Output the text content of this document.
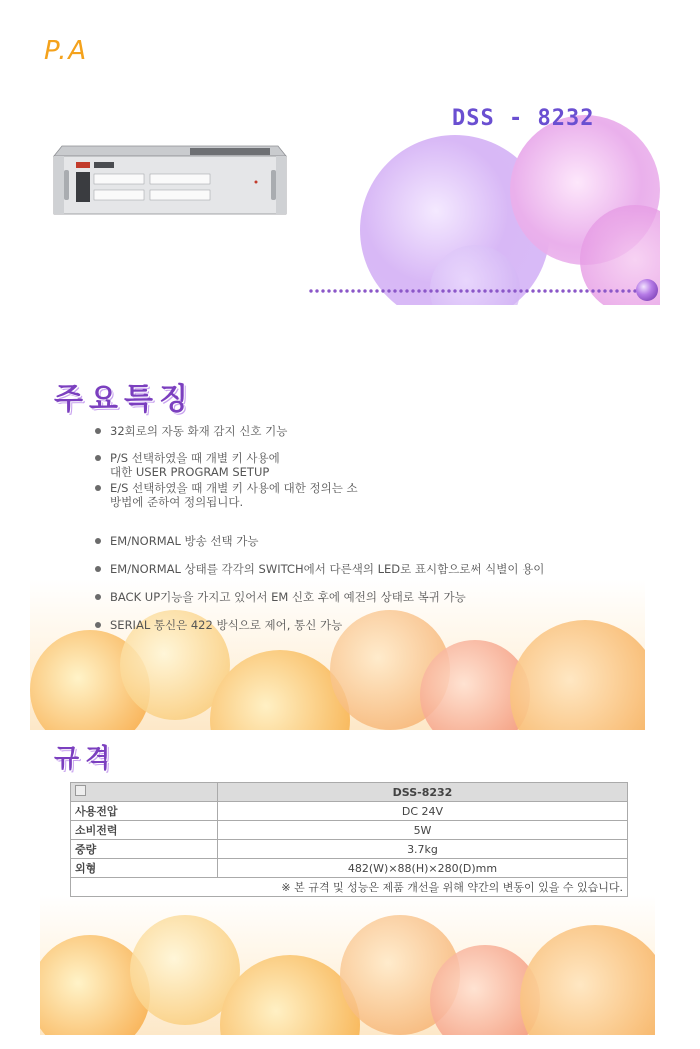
P.A
DSS - 8232
주요특징
32회로의 자동 화재 감지 신호 기능
P/S 선택하였을 때 개별 키 사용에
대한 USER PROGRAM SETUP
E/S 선택하였을 때 개별 키 사용에 대한 정의는 소
방법에 준하여 정의됩니다.
EM/NORMAL 방송 선택 가능
EM/NORMAL 상태를 각각의 SWITCH에서 다른색의 LED로 표시함으로써 식별이 용이
BACK UP기능을 가지고 있어서 EM 신호 후에 예전의 상태로 복귀 가능
SERIAL 통신은 422 방식으로 제어, 통신 가능
규격
	DSS-8232
사용전압	DC 24V
소비전력	5W
중량	3.7kg
외형	482(W)×88(H)×280(D)mm
※ 본 규격 및 성능은 제품 개선을 위해 약간의 변동이 있을 수 있습니다.	
